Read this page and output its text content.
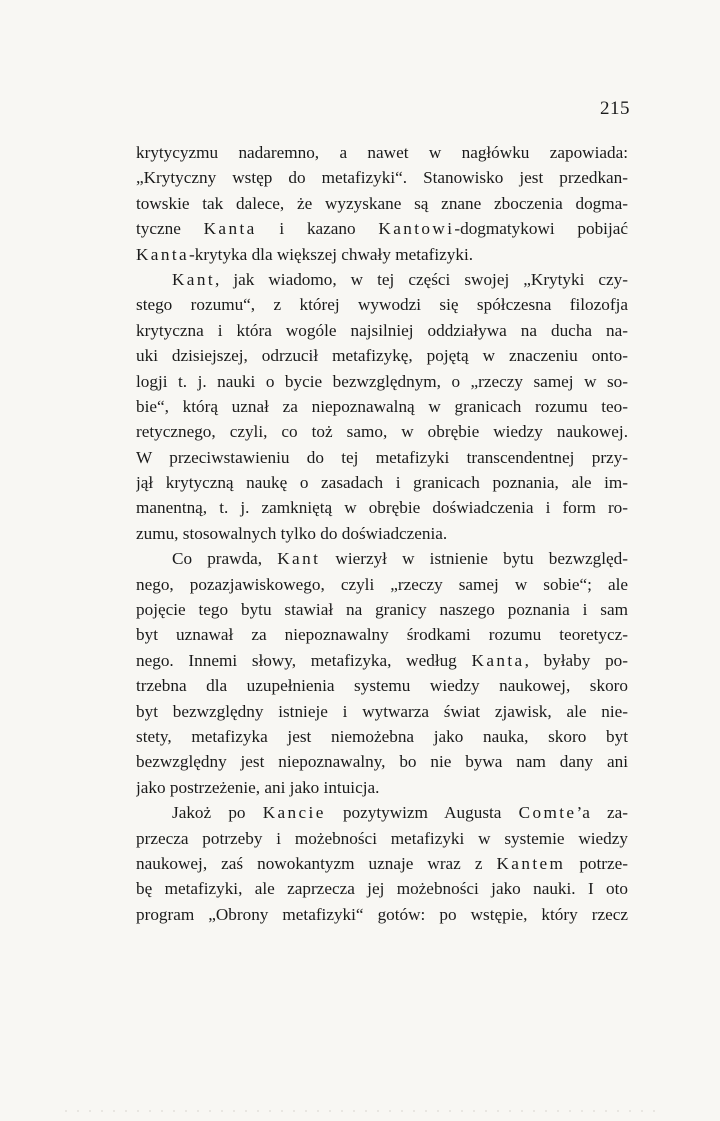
215
krytycyzmu nadaremno, a nawet w nagłówku zapowiada:
„Krytyczny wstęp do metafizyki“. Stanowisko jest przedkan-
towskie tak dalece, że wyzyskane są znane zboczenia dogma-
tyczne Kanta i kazano Kantowi-dogmatykowi pobijać
Kanta-krytyka dla większej chwały metafizyki.
Kant, jak wiadomo, w tej części swojej „Krytyki czy-
stego rozumu“, z której wywodzi się spółczesna filozofja
krytyczna i która wogóle najsilniej oddziaływa na ducha na-
uki dzisiejszej, odrzucił metafizykę, pojętą w znaczeniu onto-
logji t. j. nauki o bycie bezwzględnym, o „rzeczy samej w so-
bie“, którą uznał za niepoznawalną w granicach rozumu teo-
retycznego, czyli, co toż samo, w obrębie wiedzy naukowej.
W przeciwstawieniu do tej metafizyki transcendentnej przy-
jął krytyczną naukę o zasadach i granicach poznania, ale im-
manentną, t. j. zamkniętą w obrębie doświadczenia i form ro-
zumu, stosowalnych tylko do doświadczenia.
Co prawda, Kant wierzył w istnienie bytu bezwzględ-
nego, pozazjawiskowego, czyli „rzeczy samej w sobie“; ale
pojęcie tego bytu stawiał na granicy naszego poznania i sam
byt uznawał za niepoznawalny środkami rozumu teoretycz-
nego. Innemi słowy, metafizyka, według Kanta, byłaby po-
trzebna dla uzupełnienia systemu wiedzy naukowej, skoro
byt bezwzględny istnieje i wytwarza świat zjawisk, ale nie-
stety, metafizyka jest niemożebna jako nauka, skoro byt
bezwzględny jest niepoznawalny, bo nie bywa nam dany ani
jako postrzeżenie, ani jako intuicja.
Jakoż po Kancie pozytywizm Augusta Comte’a za-
przecza potrzeby i możebności metafizyki w systemie wiedzy
naukowej, zaś nowokantyzm uznaje wraz z Kantem potrze-
bę metafizyki, ale zaprzecza jej możebności jako nauki. I oto
program „Obrony metafizyki“ gotów: po wstępie, który rzecz
